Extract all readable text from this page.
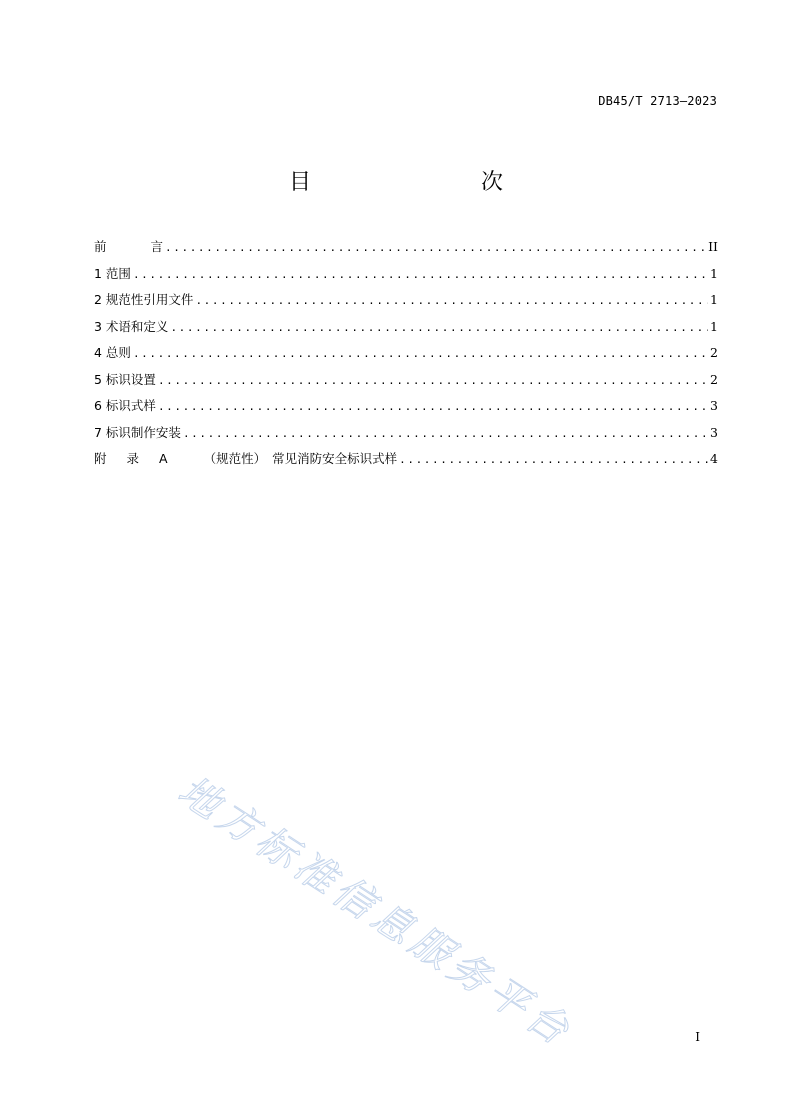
DB45/T 2713—2023
目　　次
前	言 .....	II
1 范围 .....	1
2 规范性引用文件 .....	1
3 术语和定义 .....	1
4 总则 .....	2
5 标识设置 .....	2
6 标识式样 .....	3
7 标识制作安装 .....	3
附 录 A	（规范性） 常见消防安全标识式样 .....	4
地方标准信息服务平台	I
